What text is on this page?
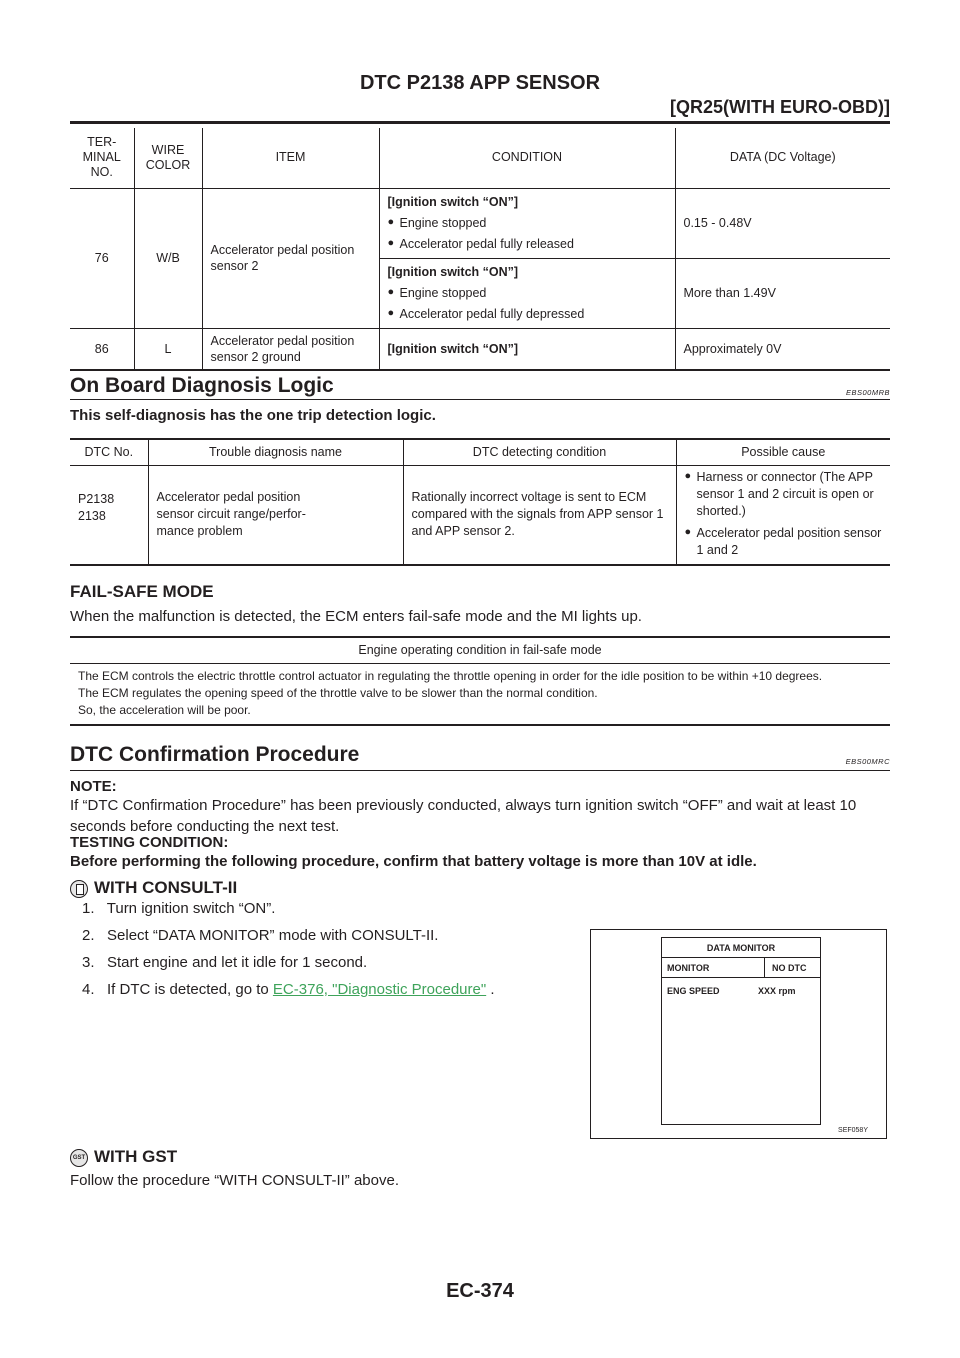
DTC P2138 APP SENSOR
[QR25(WITH EURO-OBD)]
TER-MINAL NO.	WIRE COLOR	ITEM	CONDITION	DATA (DC Voltage)
76	W/B	Accelerator pedal position sensor 2	[Ignition switch “ON”]
● Engine stopped
● Accelerator pedal fully released	0.15 - 0.48V
			[Ignition switch “ON”]
● Engine stopped
● Accelerator pedal fully depressed	More than 1.49V
86	L	Accelerator pedal position sensor 2 ground	[Ignition switch “ON”]	Approximately 0V
On Board Diagnosis Logic	EBS00MRB
This self-diagnosis has the one trip detection logic.
DTC No.	Trouble diagnosis name	DTC detecting condition	Possible cause

P2138
2138	Accelerator pedal position sensor circuit range/perfor-mance problem	Rationally incorrect voltage is sent to ECM compared with the signals from APP sensor 1 and APP sensor 2.	● Harness or connector (The APP sensor 1 and 2 circuit is open or shorted.)
● Accelerator pedal position sensor 1 and 2
FAIL-SAFE MODE
When the malfunction is detected, the ECM enters fail-safe mode and the MI lights up.
Engine operating condition in fail-safe mode

The ECM controls the electric throttle control actuator in regulating the throttle opening in order for the idle position to be within +10 degrees.
The ECM regulates the opening speed of the throttle valve to be slower than the normal condition.
So, the acceleration will be poor.
DTC Confirmation Procedure	EBS00MRC
NOTE:
If “DTC Confirmation Procedure” has been previously conducted, always turn ignition switch “OFF” and wait at least 10 seconds before conducting the next test.
TESTING CONDITION:
Before performing the following procedure, confirm that battery voltage is more than 10V at idle.
WITH CONSULT-II
1.   Turn ignition switch “ON”.
2.   Select “DATA MONITOR” mode with CONSULT-II.
3.   Start engine and let it idle for 1 second.
4.   If DTC is detected, go to EC-376, "Diagnostic Procedure" .
DATA MONITOR
MONITOR	NO DTC
ENG SPEED	XXX rpm
SEF058Y
GST WITH GST
Follow the procedure “WITH CONSULT-II” above.
EC-374
